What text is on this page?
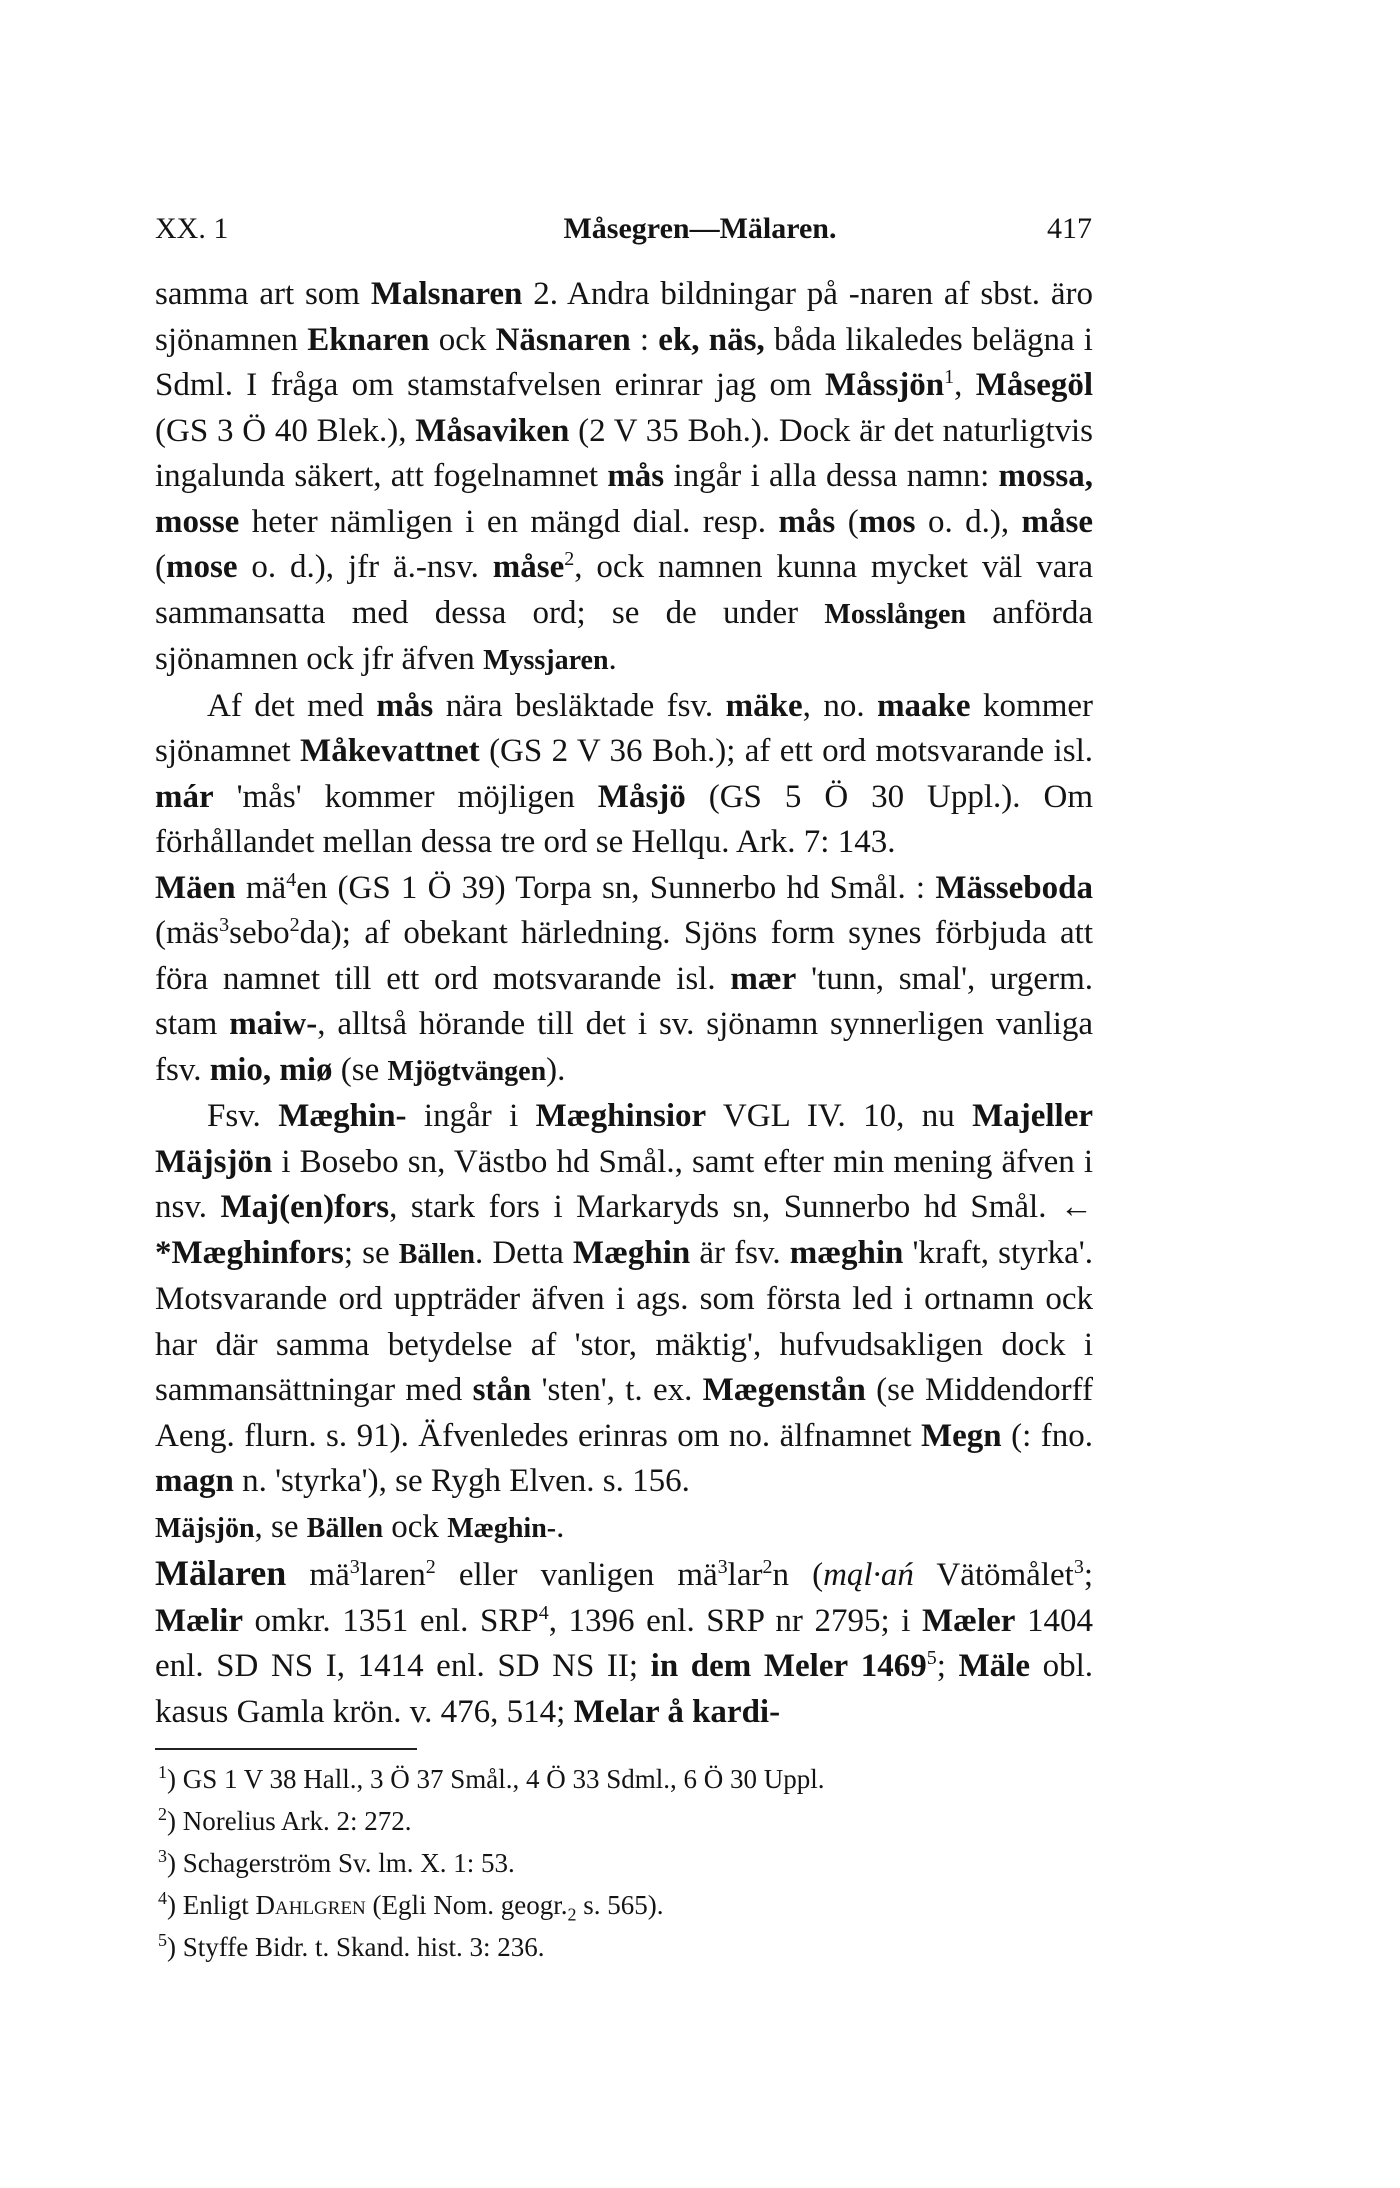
XX. 1	Måsegren—Mälaren.	417

samma art som Malsnaren 2. Andra bildningar på -naren af sbst. äro sjönamnen Eknaren ock Näsnaren : ek, näs, båda likaledes belägna i Sdml. I fråga om stamstafvelsen erinrar jag om Måssjön$^1$, Måsegöl (GS 3 Ö 40 Blek.), Måsaviken (2 V 35 Boh.). Dock är det naturligtvis ingalunda säkert, att fogelnamnet mås ingår i alla dessa namn: mossa, mosse heter nämligen i en mängd dial. resp. mås (mos o. d.), måse (mose o. d.), jfr ä.-nsv. måse$^2$, ock namnen kunna mycket väl vara sammansatta med dessa ord; se de under Mosslången anförda sjönamnen ock jfr äfven Myssjaren.

Af det med mås nära besläktade fsv. mäke, no. maake kommer sjönamnet Måkevattnet (GS 2 V 36 Boh.); af ett ord motsvarande isl. már 'mås' kommer möjligen Måsjö (GS 5 Ö 30 Uppl.). Om förhållandet mellan dessa tre ord se Hellqu. Ark. 7: 143.

Mäen $mä^4en$ (GS 1 Ö 39) Torpa sn, Sunnerbo hd Smål. : Mässeboda (mäs$^3$sebo$^2$da); af obekant härledning. Sjöns form synes förbjuda att föra namnet till ett ord motsvarande isl. mær 'tunn, smal', urgerm. stam maiw-, alltså hörande till det i sv. sjönamn synnerligen vanliga fsv. mio, miø (se Mjögtvängen).

Fsv. Mæghin- ingår i Mæghinsior VGL IV. 10, nu Majeller Mäjsjön i Bosebo sn, Västbo hd Smål., samt efter min mening äfven i nsv. Maj(en)fors, stark fors i Markaryds sn, Sunnerbo hd Smål. ← *Mæghinfors; se Bällen. Detta Mæghin är fsv. mæghin 'kraft, styrka'. Motsvarande ord uppträder äfven i ags. som första led i ortnamn ock har där samma betydelse af 'stor, mäktig', hufvudsakligen dock i sammansättningar med stån 'sten', t. ex. Mægenstån (se Middendorff Aeng. flurn. s. 91). Äfvenledes erinras om no. älfnamnet Megn (: fno. magn n. 'styrka'), se Rygh Elven. s. 156.

Mäjsjön, se Bällen ock Mæghin-.

Mälaren $mä^3laren^2$ eller vanligen $mä^3lar^2n$ (mąl·ań Vätömålet$^3$; Mælir omkr. 1351 enl. SRP$^4$, 1396 enl. SRP nr 2795; i Mæler 1404 enl. SD NS I, 1414 enl. SD NS II; in dem Meler 1469$^5$; Mäle obl. kasus Gamla krön. v. 476, 514; Melar å kardi-

$^1$) GS 1 V 38 Hall., 3 Ö 37 Smål., 4 Ö 33 Sdml., 6 Ö 30 Uppl.
$^2$) Norelius Ark. 2: 272.
$^3$) Schagerström Sv. lm. X. 1: 53.
$^4$) Enligt Dahlgren (Egli Nom. $geogr._2$ s. 565).
$^5$) Styffe Bidr. t. Skand. hist. 3: 236.
